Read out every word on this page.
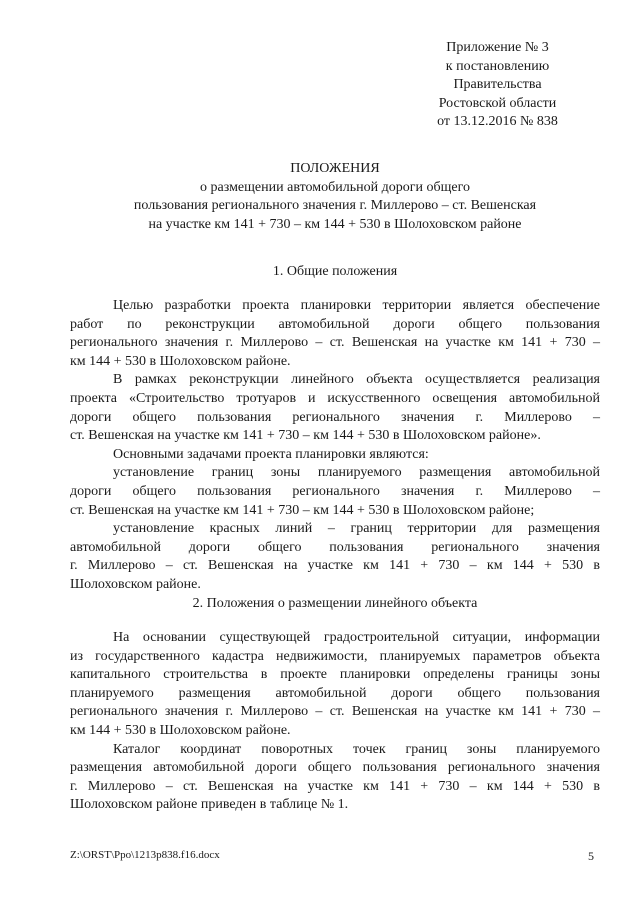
Приложение № 3
к постановлению
Правительства
Ростовской области
от 13.12.2016 № 838
ПОЛОЖЕНИЯ
о размещении автомобильной дороги общего
пользования регионального значения г. Миллерово – ст. Вешенская
на участке км 141 + 730 – км 144 + 530 в Шолоховском районе
1. Общие положения
Целью разработки проекта планировки территории является обеспечение
работ по реконструкции автомобильной дороги общего пользования
регионального значения г. Миллерово – ст. Вешенская на участке км 141 + 730 –
км 144 + 530 в Шолоховском районе.
В рамках реконструкции линейного объекта осуществляется реализация
проекта «Строительство тротуаров и искусственного освещения автомобильной
дороги общего пользования регионального значения г. Миллерово –
ст. Вешенская на участке км 141 + 730 – км 144 + 530 в Шолоховском районе».
Основными задачами проекта планировки являются:
установление границ зоны планируемого размещения автомобильной
дороги общего пользования регионального значения г. Миллерово –
ст. Вешенская на участке км 141 + 730 – км 144 + 530 в Шолоховском районе;
установление красных линий – границ территории для размещения
автомобильной дороги общего пользования регионального значения
г. Миллерово – ст. Вешенская на участке км 141 + 730 – км 144 + 530 в
Шолоховском районе.
2. Положения о размещении линейного объекта
На основании существующей градостроительной ситуации, информации
из государственного кадастра недвижимости, планируемых параметров объекта
капитального строительства в проекте планировки определены границы зоны
планируемого размещения автомобильной дороги общего пользования
регионального значения г. Миллерово – ст. Вешенская на участке км 141 + 730 –
км 144 + 530 в Шолоховском районе.
Каталог координат поворотных точек границ зоны планируемого
размещения автомобильной дороги общего пользования регионального значения
г. Миллерово – ст. Вешенская на участке км 141 + 730 – км 144 + 530 в
Шолоховском районе приведен в таблице № 1.
Z:\ORST\Ppo\1213p838.f16.docx	5
